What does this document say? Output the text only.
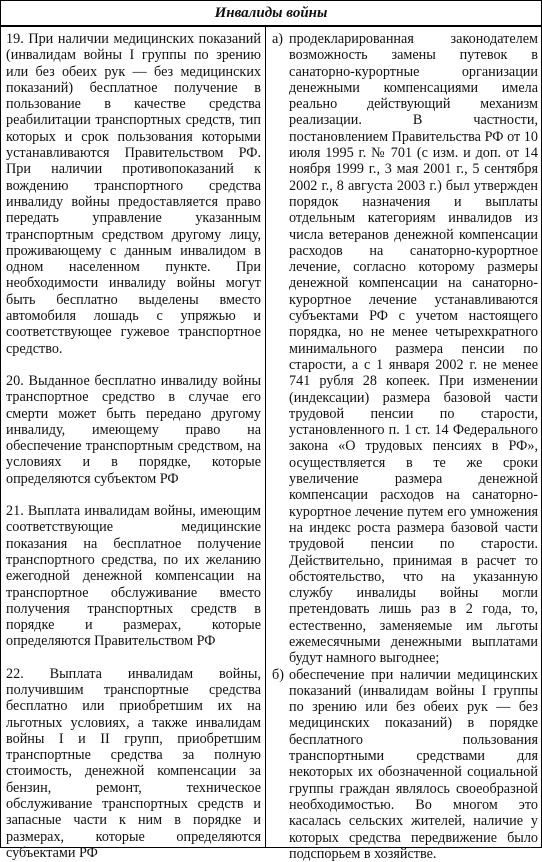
Инвалиды войны

19. При наличии медицинских показаний (инвалидам войны I группы по зрению или без обеих рук — без медицинских показаний) бесплатное получение в пользование в качестве средства реабилитации транспортных средств, тип которых и срок пользования которыми устанавливаются Правительством РФ. При наличии противопоказаний к вождению транспортного средства инвалиду войны предоставляется право передать управление указанным транспортным средством другому лицу, проживающему с данным инвалидом в одном населенном пункте. При необходимости инвалиду войны могут быть бесплатно выделены вместо автомобиля лошадь с упряжью и соответствующее гужевое транспортное средство.

20. Выданное бесплатно инвалиду войны транспортное средство в случае его смерти может быть передано другому инвалиду, имеющему право на обеспечение транспортным средством, на условиях и в порядке, которые определяются субъектом РФ

21. Выплата инвалидам войны, имеющим соответствующие медицинские показания на бесплатное получение транспортного средства, по их желанию ежегодной денежной компенсации на транспортное обслуживание вместо получения транспортных средств в порядке и размерах, которые определяются Правительством РФ

22. Выплата инвалидам войны, получившим транспортные средства бесплатно или приобретшим их на льготных условиях, а также инвалидам войны I и II групп, приобретшим транспортные средства за полную стоимость, денежной компенсации за бензин, ремонт, техническое обслуживание транспортных средств и запасные части к ним в порядке и размерах, которые определяются субъектами РФ

а) продекларированная законодателем возможность замены путевок в санаторно-курортные организации денежными компенсациями имела реально действующий механизм реализации. В частности, постановлением Правительства РФ от 10 июля 1995 г. № 701 (с изм. и доп. от 14 ноября 1999 г., 3 мая 2001 г., 5 сентября 2002 г., 8 августа 2003 г.) был утвержден порядок назначения и выплаты отдельным категориям инвалидов из числа ветеранов денежной компенсации расходов на санаторно-курортное лечение, согласно которому размеры денежной компенсации на санаторно-курортное лечение устанавливаются субъектами РФ с учетом настоящего порядка, но не менее четырехкратного минимального размера пенсии по старости, а с 1 января 2002 г. не менее 741 рубля 28 копеек. При изменении (индексации) размера базовой части трудовой пенсии по старости, установленного п. 1 ст. 14 Федерального закона «О трудовых пенсиях в РФ», осуществляется в те же сроки увеличение размера денежной компенсации расходов на санаторно-курортное лечение путем его умножения на индекс роста размера базовой части трудовой пенсии по старости. Действительно, принимая в расчет то обстоятельство, что на указанную службу инвалиды войны могли претендовать лишь раз в 2 года, то, естественно, заменяемые им льготы ежемесячными денежными выплатами будут намного выгоднее;
б) обеспечение при наличии медицинских показаний (инвалидам войны I группы по зрению или без обеих рук — без медицинских показаний) в порядке бесплатного пользования транспортными средствами для некоторых их обозначенной социальной группы граждан являлось своеобразной необходимостью. Во многом это касалась сельских жителей, наличие у которых средства передвижение было подспорьем в хозяйстве.
